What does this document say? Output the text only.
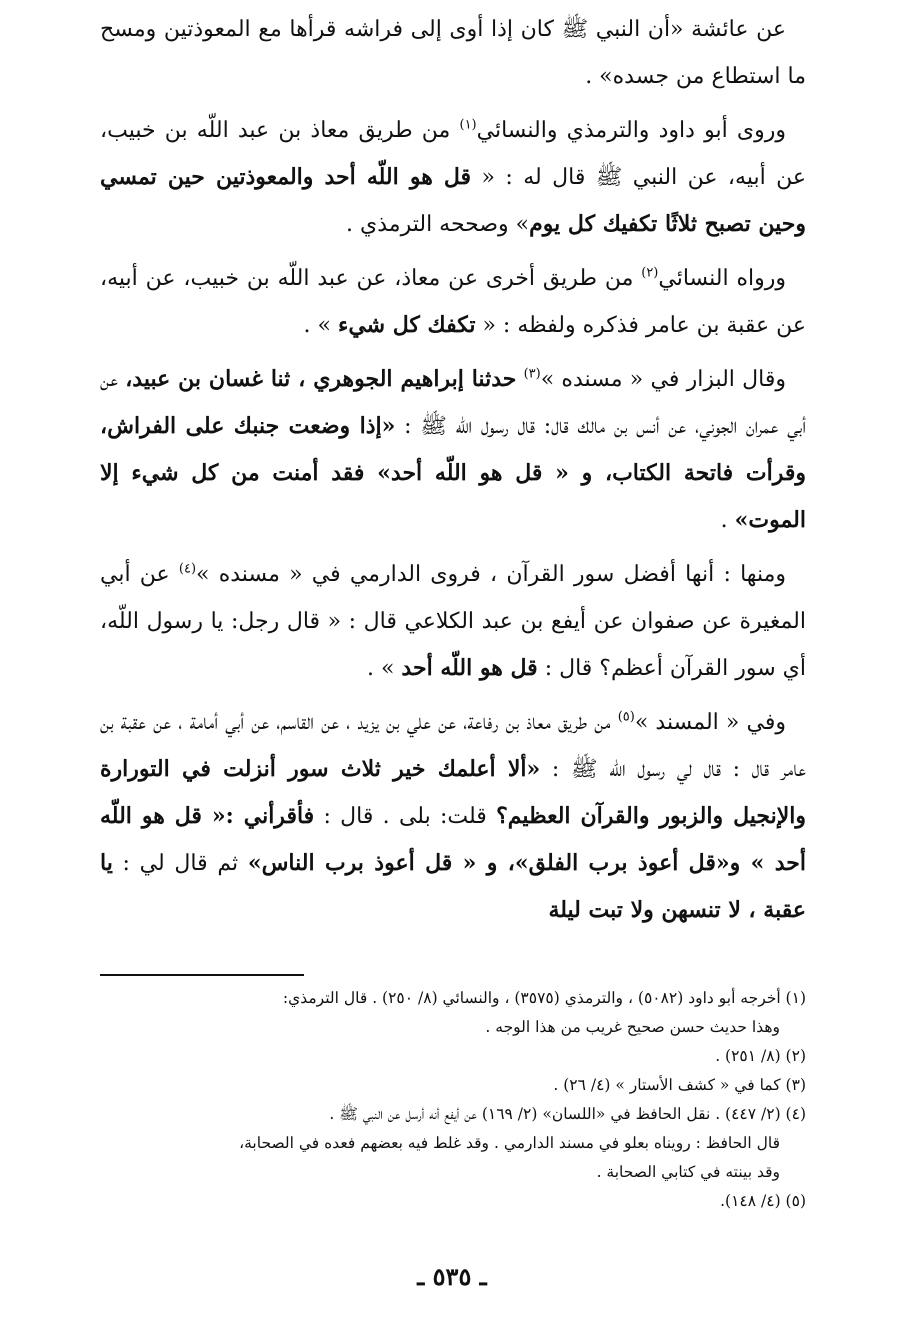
عن عائشة «أن النبي ﷺ كان إذا أوى إلى فراشه قرأها مع المعوذتين ومسح ما استطاع من جسده» .

وروى أبو داود والترمذي والنسائي$^{(١)}$ من طريق معاذ بن عبد اللّه بن خبيب، عن أبيه، عن النبي ﷺ قال له : « قل هو اللّه أحد والمعوذتين حين تمسي وحين تصبح ثلاثًا تكفيك كل يوم» وصححه الترمذي .

ورواه النسائي$^{(٢)}$ من طريق أخرى عن معاذ، عن عبد اللّه بن خبيب، عن أبيه، عن عقبة بن عامر فذكره ولفظه : « تكفك كل شيء » .

وقال البزار في « مسنده »$^{(٣)}$ حدثنا إبراهيم الجوهري ، ثنا غسان بن عبيد، عن أبي عمران الجوني، عن أنس بن مالك قال: قال رسول اللّه ﷺ : «إذا وضعت جنبك على الفراش، وقرأت فاتحة الكتاب، و « قل هو اللّه أحد» فقد أمنت من كل شيء إلا الموت» .

ومنها : أنها أفضل سور القرآن ، فروى الدارمي في « مسنده »$^{(٤)}$ عن أبي المغيرة عن صفوان عن أيفع بن عبد الكلاعي قال : « قال رجل: يا رسول اللّه، أي سور القرآن أعظم؟ قال : قل هو اللّه أحد » .

وفي « المسند »$^{(٥)}$ من طريق معاذ بن رفاعة، عن علي بن يزيد ، عن القاسم، عن أبي أمامة ، عن عقبة بن عامر قال : قال لي رسول اللّه ﷺ : «ألا أعلمك خير ثلاث سور أنزلت في التورارة والإنجيل والزبور والقرآن العظيم؟ قلت: بلى . قال : فأقرأني :« قل هو اللّه أحد » و«قل أعوذ برب الفلق»، و « قل أعوذ برب الناس» ثم قال لي : يا عقبة ، لا تنسهن ولا تبت ليلة

(١) أخرجه أبو داود (٥٠٨٢) ، والترمذي (٣٥٧٥) ، والنسائي (٨/ ٢٥٠) . قال الترمذي:

وهذا حديث حسن صحيح غريب من هذا الوجه .

(٢) (٨/ ٢٥١) .

(٣) كما في « كشف الأستار » (٤/ ٢٦) .

(٤) (٢/ ٤٤٧) . نقل الحافظ في «اللسان» (٢/ ١٦٩) عن أيفع أنه أرسل عن النبي ﷺ .

قال الحافظ : رويناه بعلو في مسند الدارمي . وقد غلط فيه بعضهم فعده في الصحابة،

وقد بينته في كتابي الصحابة .

(٥) (٤/ ١٤٨).

ـ ٥٣٥ ـ
